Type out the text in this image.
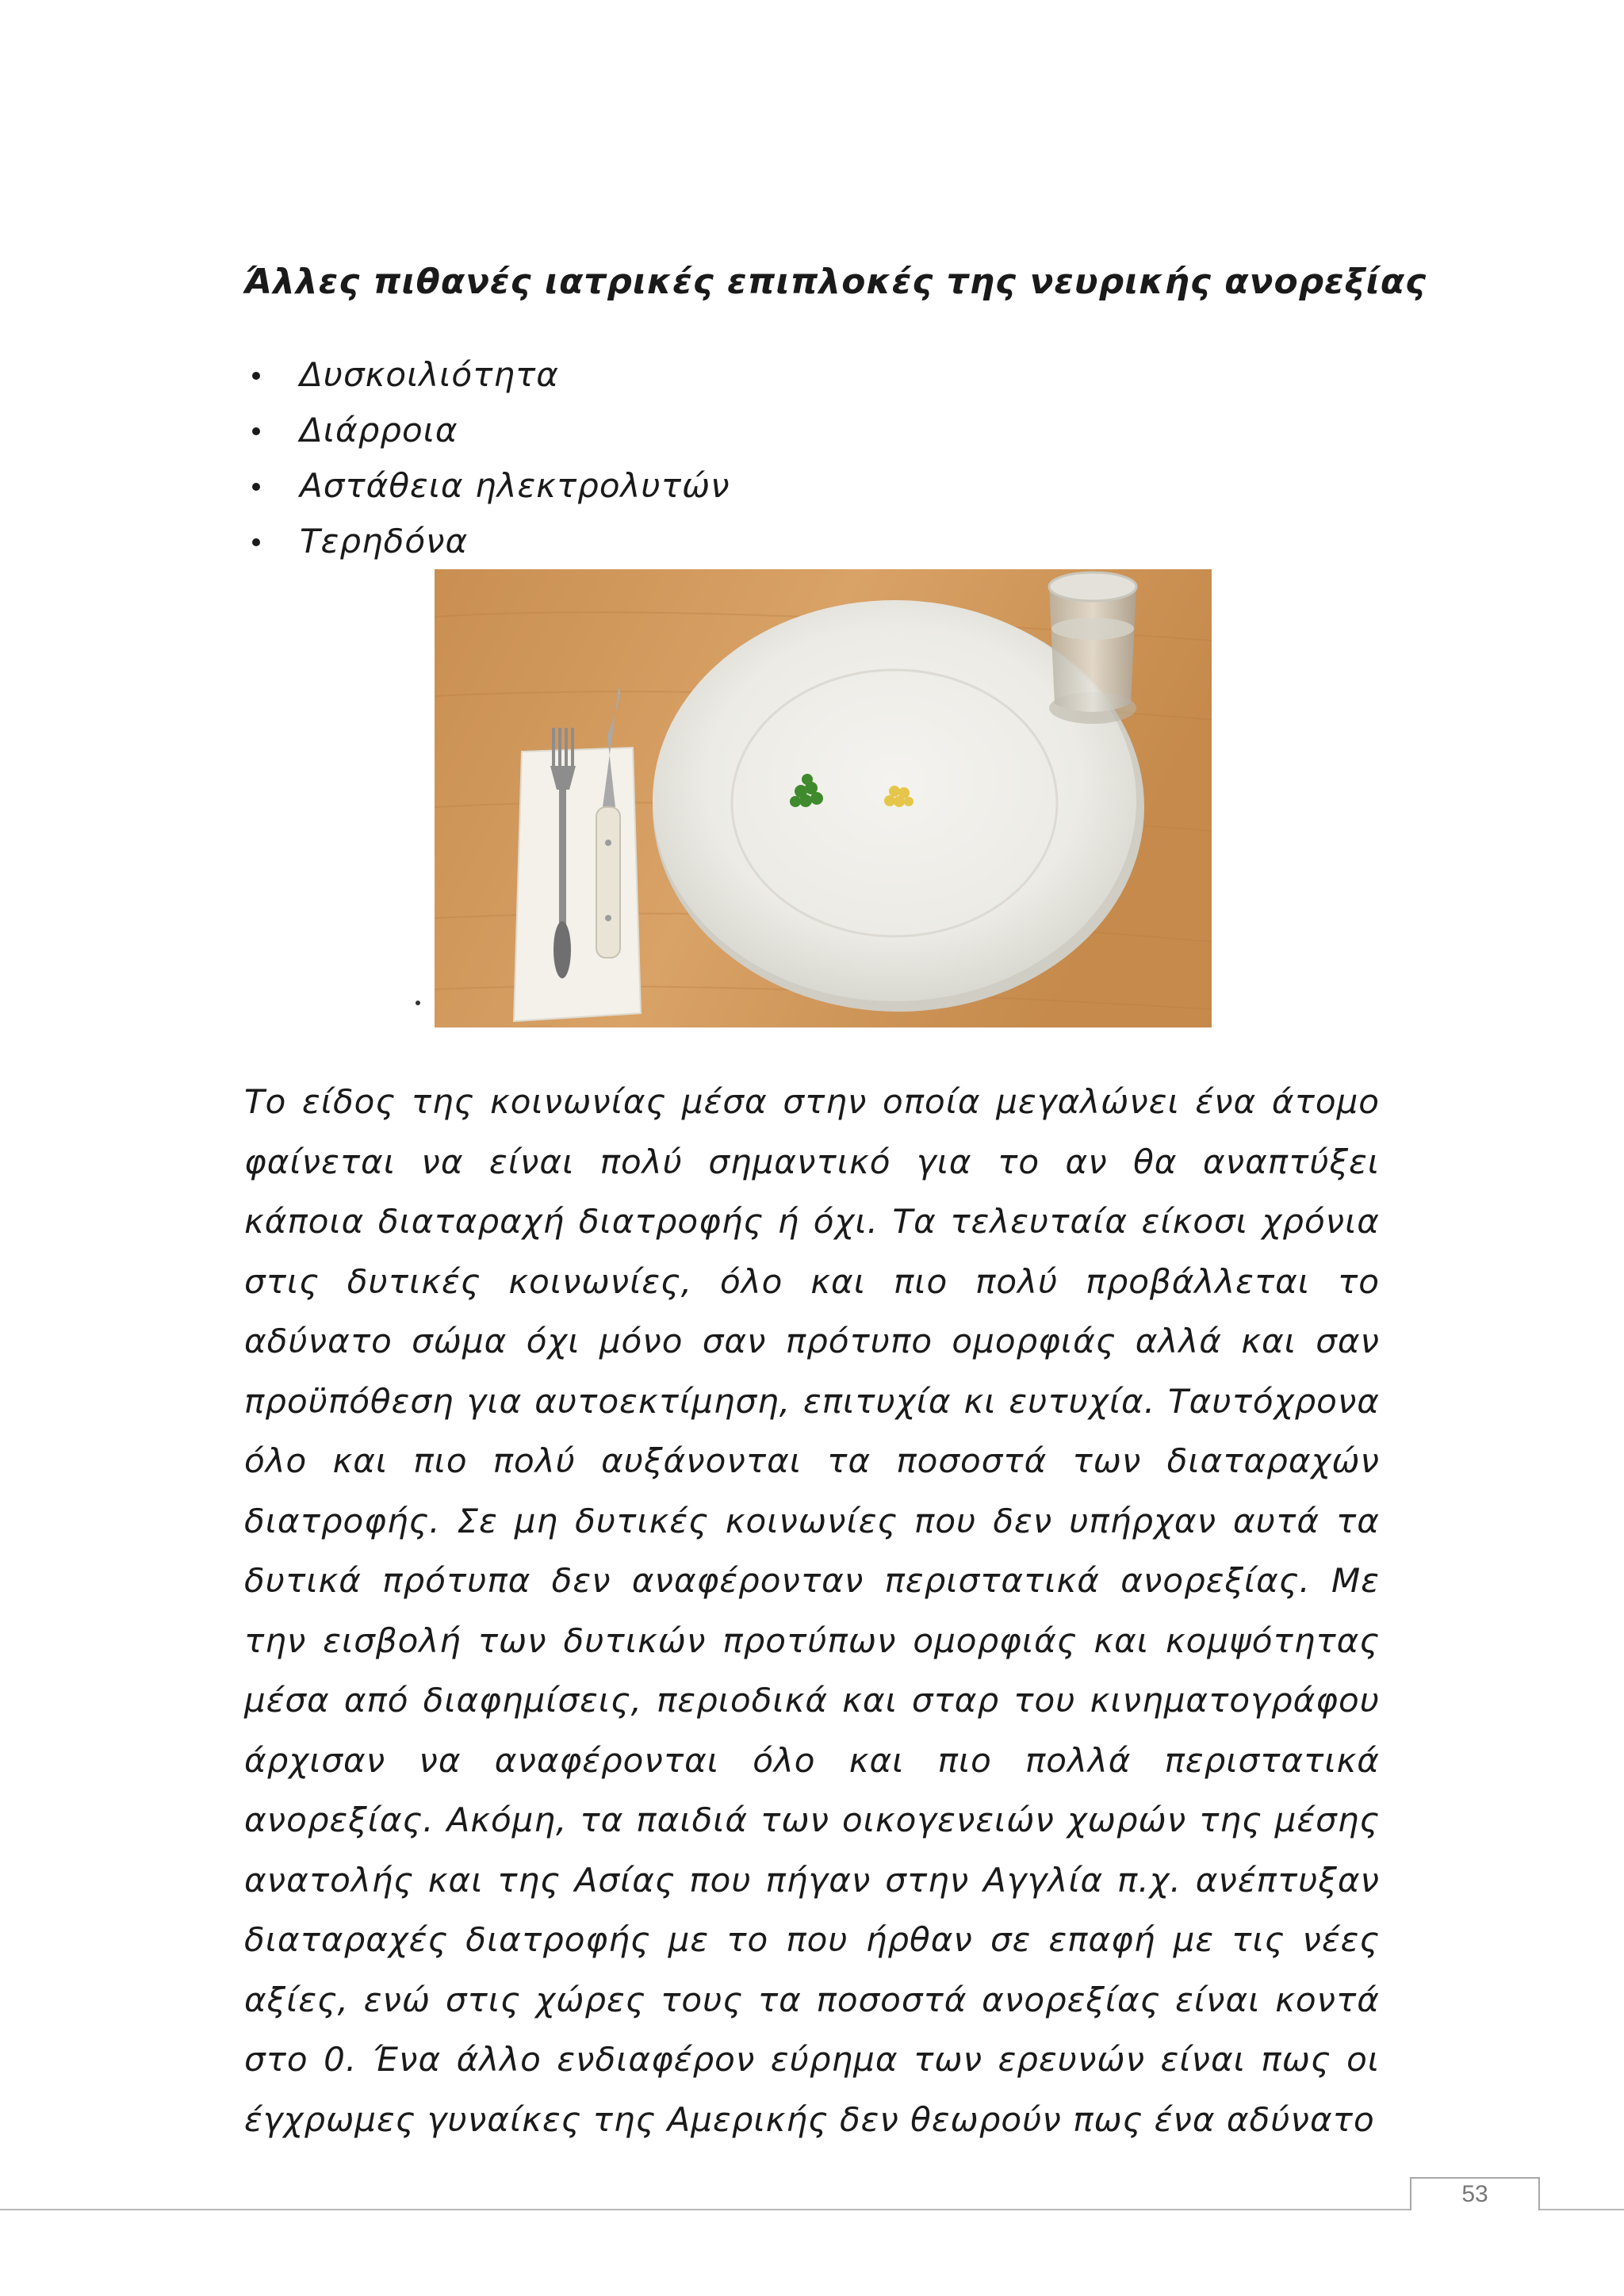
Άλλες πιθανές ιατρικές επιπλοκές της νευρικής ανορεξίας
Δυσκοιλιότητα
Διάρροια
Αστάθεια ηλεκτρολυτών
Τερηδόνα
Το είδος της κοινωνίας μέσα στην οποία μεγαλώνει ένα άτομο φαίνεται να είναι πολύ σημαντικό για το αν θα αναπτύξει κάποια διαταραχή διατροφής ή όχι. Τα τελευταία είκοσι χρόνια στις δυτικές κοινωνίες, όλο και πιο πολύ προβάλλεται το αδύνατο σώμα όχι μόνο σαν πρότυπο ομορφιάς αλλά και σαν προϋπόθεση για αυτοεκτίμηση, επιτυχία κι ευτυχία. Ταυτόχρονα όλο και πιο πολύ αυξάνονται τα ποσοστά των διαταραχών διατροφής. Σε μη δυτικές κοινωνίες που δεν υπήρχαν αυτά τα δυτικά πρότυπα δεν αναφέρονταν περιστατικά ανορεξίας. Με την εισβολή των δυτικών προτύπων ομορφιάς και κομψότητας μέσα από διαφημίσεις, περιοδικά και σταρ του κινηματογράφου άρχισαν να αναφέρονται όλο και πιο πολλά περιστατικά ανορεξίας. Ακόμη, τα παιδιά των οικογενειών χωρών της μέσης ανατολής και της Ασίας που πήγαν στην Αγγλία π.χ. ανέπτυξαν διαταραχές διατροφής με το που ήρθαν σε επαφή με τις νέες αξίες, ενώ στις χώρες τους τα ποσοστά ανορεξίας είναι κοντά στο 0. Ένα άλλο ενδιαφέρον εύρημα των ερευνών είναι πως οι έγχρωμες γυναίκες της Αμερικής δεν θεωρούν πως ένα αδύνατο
53
